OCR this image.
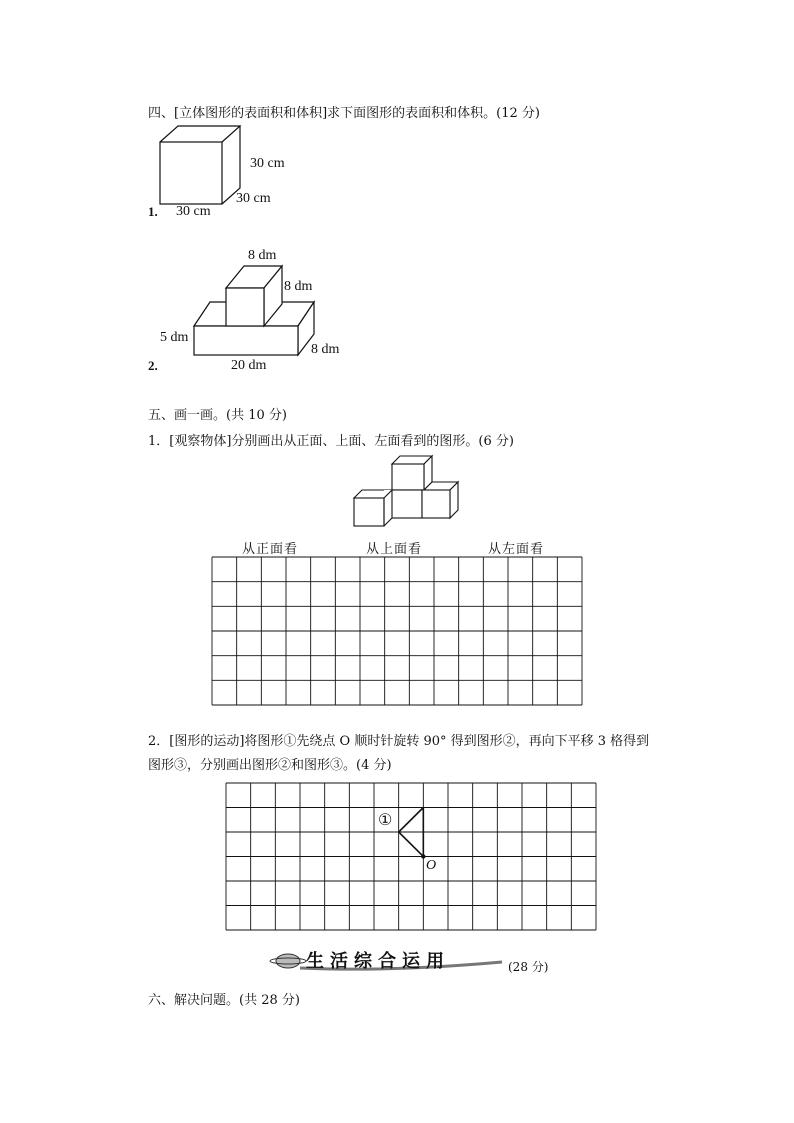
四、[立体图形的表面积和体积]求下面图形的表面积和体积。(12 分)
1.
30 cm
30 cm
30 cm
2.
8 dm
8 dm
5 dm
20 dm
8 dm
五、画一画。(共 10 分)
1．[观察物体]分别画出从正面、上面、左面看到的图形。(6 分)
从正面看	从上面看	从左面看
2．[图形的运动]将图形①先绕点 O 顺时针旋转 90° 得到图形②，再向下平移 3 格得到
图形③，分别画出图形②和图形③。(4 分)
①
O
生活综合运用	(28 分)
六、解决问题。(共 28 分)
